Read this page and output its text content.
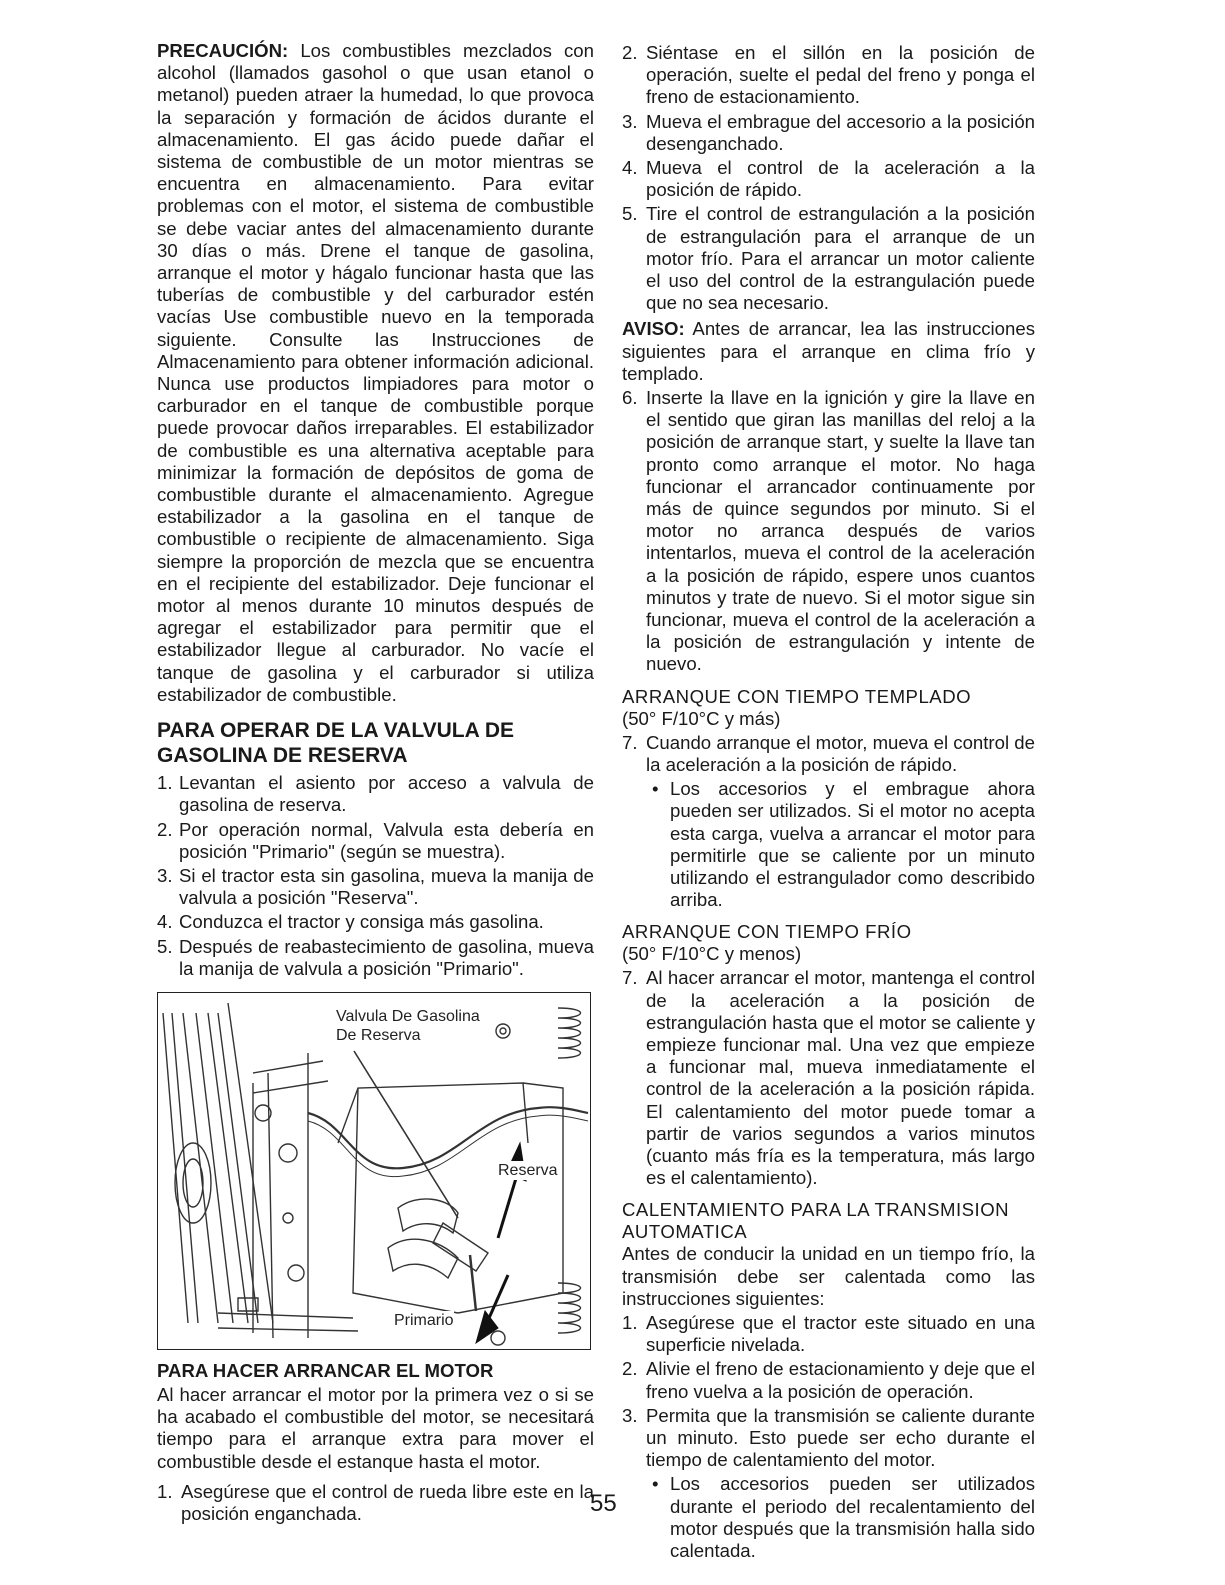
PRECAUCIÓN: Los combustibles mezclados con alcohol (llamados gasohol o que usan etanol o metanol) pueden atraer la humedad, lo que provoca la separación y formación de ácidos durante el almacenamiento. El gas ácido puede dañar el sistema de combustible de un motor mientras se encuentra en almacenamiento. Para evitar problemas con el motor, el sistema de combustible se debe vaciar antes del almacenamiento durante 30 días o más. Drene el tanque de gasolina, arranque el motor y hágalo funcionar hasta que las tuberías de combustible y del carburador estén vacías Use combustible nuevo en la temporada siguiente. Consulte las Instrucciones de Almacenamiento para obtener información adicional. Nunca use productos limpiadores para motor o carburador en el tanque de combustible porque puede provocar daños irreparables. El estabilizador de combustible es una alternativa aceptable para minimizar la formación de depósitos de goma de combustible durante el almacenamiento. Agregue estabilizador a la gasolina en el tanque de combustible o recipiente de almacenamiento. Siga siempre la proporción de mezcla que se encuentra en el recipiente del estabilizador. Deje funcionar el motor al menos durante 10 minutos después de agregar el estabilizador para permitir que el estabilizador llegue al carburador. No vacíe el tanque de gasolina y el carburador si utiliza estabilizador de combustible.

PARA OPERAR DE LA VALVULA DE GASOLINA DE RESERVA
1. Levantan el asiento por acceso a valvula de gasolina de reserva.
2. Por operación normal, Valvula esta debería en posición "Primario" (según se muestra).
3. Si el tractor esta sin gasolina, mueva la manija de valvula a posición "Reserva".
4. Conduzca el tractor y consiga más gasolina.
5. Después de reabastecimiento de gasolina, mueva la manija de valvula a posición "Primario".
Valvula De Gasolina De Reserva
Reserva
Primario
PARA HACER ARRANCAR EL MOTOR

Al hacer arrancar el motor por la primera vez o si se ha acabado el combustible del motor, se necesitará tiempo para el arranque extra para mover el combustible desde el estanque hasta el motor.

1. Asegúrese que el control de rueda libre este en la posición enganchada.
2. Siéntase en el sillón en la posición de operación, suelte el pedal del freno y ponga el freno de estacionamiento.
3. Mueva el embrague del accesorio a la posición desenganchado.
4. Mueva el control de la aceleración a la posición de rápido.
5. Tire el control de estrangulación a la posición de estrangulación para el arranque de un motor frío. Para el arrancar un motor caliente el uso del control de la estrangulación puede que no sea necesario.

AVISO: Antes de arrancar, lea las instrucciones siguientes para el arranque en clima frío y templado.

6. Inserte la llave en la ignición y gire la llave en el sentido que giran las manillas del reloj a la posición de arranque start, y suelte la llave tan pronto como arranque el motor. No haga funcionar el arrancador continuamente por más de quince segundos por minuto. Si el motor no arranca después de varios intentarlos, mueva el control de la aceleración a la posición de rápido, espere unos cuantos minutos y trate de nuevo. Si el motor sigue sin funcionar, mueva el control de la aceleración a la posición de estrangulación y intente de nuevo.
ARRANQUE CON TIEMPO TEMPLADO
(50° F/10°C y más)
7. Cuando arranque el motor, mueva el control de la aceleración a la posición de rápido.
• Los accesorios y el embrague ahora pueden ser utilizados. Si el motor no acepta esta carga, vuelva a arrancar el motor para permitirle que se caliente por un minuto utilizando el estrangulador como describido arriba.
ARRANQUE CON TIEMPO FRÍO
(50° F/10°C y menos)
7. Al hacer arrancar el motor, mantenga el control de la aceleración a la posición de estrangulación hasta que el motor se caliente y empieze funcionar mal. Una vez que empieze a funcionar mal, mueva inmediatamente el control de la aceleración a la posición rápida. El calentamiento del motor puede tomar a partir de varios segundos a varios minutos (cuanto más fría es la temperatura, más largo es el calentamiento).
CALENTAMIENTO PARA LA TRANSMISION AUTOMATICA

Antes de conducir la unidad en un tiempo frío, la transmisión debe ser calentada como las instrucciones siguientes:

1. Asegúrese que el tractor este situado en una superficie nivelada.
2. Alivie el freno de estacionamiento y deje que el freno vuelva a la posición de operación.
3. Permita que la transmisión se caliente durante un minuto. Esto puede ser echo durante el tiempo de calentamiento del motor.
• Los accesorios pueden ser utilizados durante el periodo del recalentamiento del motor después que la transmisión halla sido calentada.
55
